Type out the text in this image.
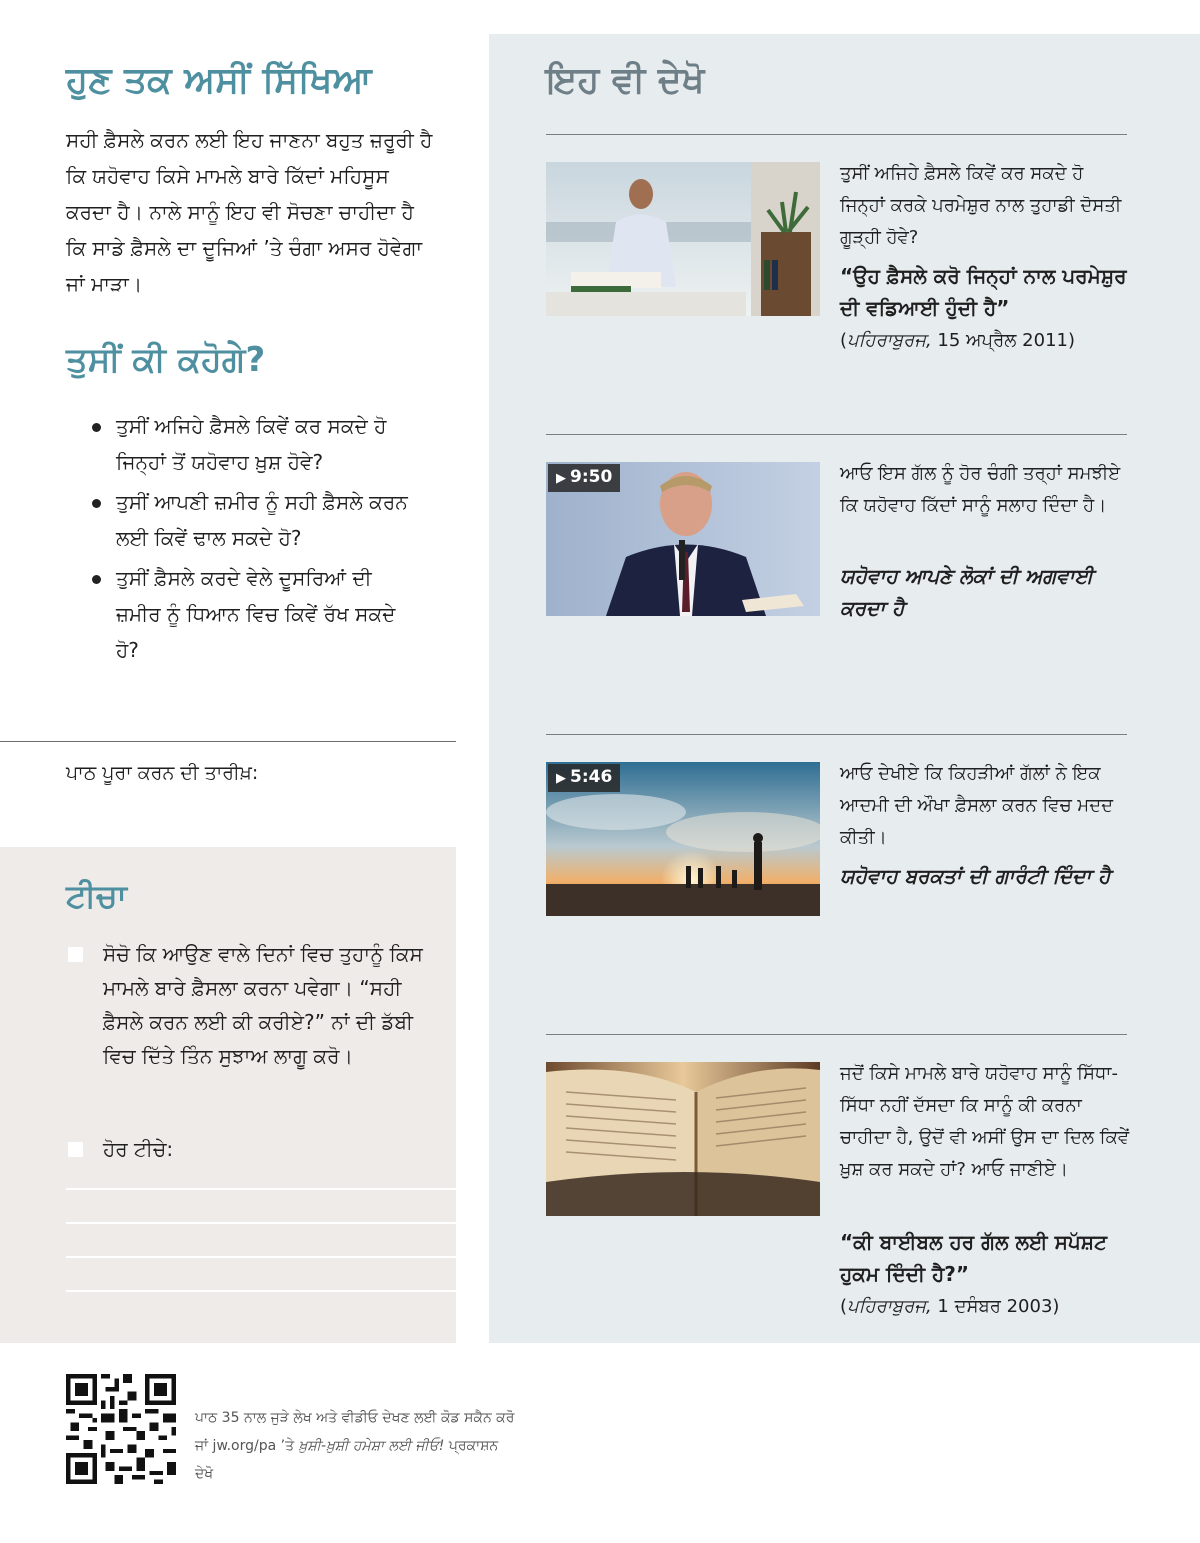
ਹੁਣ ਤਕ ਅਸੀਂ ਸਿੱਖਿਆ

ਸਹੀ ਫ਼ੈਸਲੇ ਕਰਨ ਲਈ ਇਹ ਜਾਣਨਾ ਬਹੁਤ ਜ਼ਰੂਰੀ ਹੈ ਕਿ ਯਹੋਵਾਹ ਕਿਸੇ ਮਾਮਲੇ ਬਾਰੇ ਕਿੱਦਾਂ ਮਹਿਸੂਸ ਕਰਦਾ ਹੈ। ਨਾਲੇ ਸਾਨੂੰ ਇਹ ਵੀ ਸੋਚਣਾ ਚਾਹੀਦਾ ਹੈ ਕਿ ਸਾਡੇ ਫ਼ੈਸਲੇ ਦਾ ਦੂਜਿਆਂ ’ਤੇ ਚੰਗਾ ਅਸਰ ਹੋਵੇਗਾ ਜਾਂ ਮਾੜਾ।

ਤੁਸੀਂ ਕੀ ਕਹੋਗੇ?
ਤੁਸੀਂ ਅਜਿਹੇ ਫ਼ੈਸਲੇ ਕਿਵੇਂ ਕਰ ਸਕਦੇ ਹੋ ਜਿਨ੍ਹਾਂ ਤੋਂ ਯਹੋਵਾਹ ਖ਼ੁਸ਼ ਹੋਵੇ?
ਤੁਸੀਂ ਆਪਣੀ ਜ਼ਮੀਰ ਨੂੰ ਸਹੀ ਫ਼ੈਸਲੇ ਕਰਨ ਲਈ ਕਿਵੇਂ ਢਾਲ ਸਕਦੇ ਹੋ?
ਤੁਸੀਂ ਫ਼ੈਸਲੇ ਕਰਦੇ ਵੇਲੇ ਦੂਸਰਿਆਂ ਦੀ ਜ਼ਮੀਰ ਨੂੰ ਧਿਆਨ ਵਿਚ ਕਿਵੇਂ ਰੱਖ ਸਕਦੇ ਹੋ?

ਪਾਠ ਪੂਰਾ ਕਰਨ ਦੀ ਤਾਰੀਖ਼:

ਟੀਚਾ
ਸੋਚੋ ਕਿ ਆਉਣ ਵਾਲੇ ਦਿਨਾਂ ਵਿਚ ਤੁਹਾਨੂੰ ਕਿਸ ਮਾਮਲੇ ਬਾਰੇ ਫ਼ੈਸਲਾ ਕਰਨਾ ਪਵੇਗਾ। “ਸਹੀ ਫ਼ੈਸਲੇ ਕਰਨ ਲਈ ਕੀ ਕਰੀਏ?” ਨਾਂ ਦੀ ਡੱਬੀ ਵਿਚ ਦਿੱਤੇ ਤਿੰਨ ਸੁਝਾਅ ਲਾਗੂ ਕਰੋ।
ਹੋਰ ਟੀਚੇ:
ਇਹ ਵੀ ਦੇਖੋ

ਤੁਸੀਂ ਅਜਿਹੇ ਫ਼ੈਸਲੇ ਕਿਵੇਂ ਕਰ ਸਕਦੇ ਹੋ ਜਿਨ੍ਹਾਂ ਕਰਕੇ ਪਰਮੇਸ਼ੁਰ ਨਾਲ ਤੁਹਾਡੀ ਦੋਸਤੀ ਗੂੜ੍ਹੀ ਹੋਵੇ?

“ਉਹ ਫ਼ੈਸਲੇ ਕਰੋ ਜਿਨ੍ਹਾਂ ਨਾਲ ਪਰਮੇਸ਼ੁਰ ਦੀ ਵਡਿਆਈ ਹੁੰਦੀ ਹੈ”

(ਪਹਿਰਾਬੁਰਜ, 15 ਅਪ੍ਰੈਲ 2011)

▶ 9:50	ਆਓ ਇਸ ਗੱਲ ਨੂੰ ਹੋਰ ਚੰਗੀ ਤਰ੍ਹਾਂ ਸਮਝੀਏ ਕਿ ਯਹੋਵਾਹ ਕਿੱਦਾਂ ਸਾਨੂੰ ਸਲਾਹ ਦਿੰਦਾ ਹੈ।

ਯਹੋਵਾਹ ਆਪਣੇ ਲੋਕਾਂ ਦੀ ਅਗਵਾਈ ਕਰਦਾ ਹੈ

▶ 5:46	ਆਓ ਦੇਖੀਏ ਕਿ ਕਿਹੜੀਆਂ ਗੱਲਾਂ ਨੇ ਇਕ ਆਦਮੀ ਦੀ ਔਖਾ ਫ਼ੈਸਲਾ ਕਰਨ ਵਿਚ ਮਦਦ ਕੀਤੀ।

ਯਹੋਵਾਹ ਬਰਕਤਾਂ ਦੀ ਗਾਰੰਟੀ ਦਿੰਦਾ ਹੈ

ਜਦੋਂ ਕਿਸੇ ਮਾਮਲੇ ਬਾਰੇ ਯਹੋਵਾਹ ਸਾਨੂੰ ਸਿੱਧਾ-ਸਿੱਧਾ ਨਹੀਂ ਦੱਸਦਾ ਕਿ ਸਾਨੂੰ ਕੀ ਕਰਨਾ ਚਾਹੀਦਾ ਹੈ, ਉਦੋਂ ਵੀ ਅਸੀਂ ਉਸ ਦਾ ਦਿਲ ਕਿਵੇਂ ਖ਼ੁਸ਼ ਕਰ ਸਕਦੇ ਹਾਂ? ਆਓ ਜਾਣੀਏ।

“ਕੀ ਬਾਈਬਲ ਹਰ ਗੱਲ ਲਈ ਸਪੱਸ਼ਟ ਹੁਕਮ ਦਿੰਦੀ ਹੈ?”

(ਪਹਿਰਾਬੁਰਜ, 1 ਦਸੰਬਰ 2003)

ਪਾਠ 35 ਨਾਲ ਜੁੜੇ ਲੇਖ ਅਤੇ ਵੀਡੀਓ ਦੇਖਣ ਲਈ ਕੋਡ ਸਕੈਨ ਕਰੋ ਜਾਂ jw.org/pa ’ਤੇ ਖ਼ੁਸ਼ੀ-ਖ਼ੁਸ਼ੀ ਹਮੇਸ਼ਾ ਲਈ ਜੀਓ! ਪ੍ਰਕਾਸ਼ਨ ਦੇਖੋ
